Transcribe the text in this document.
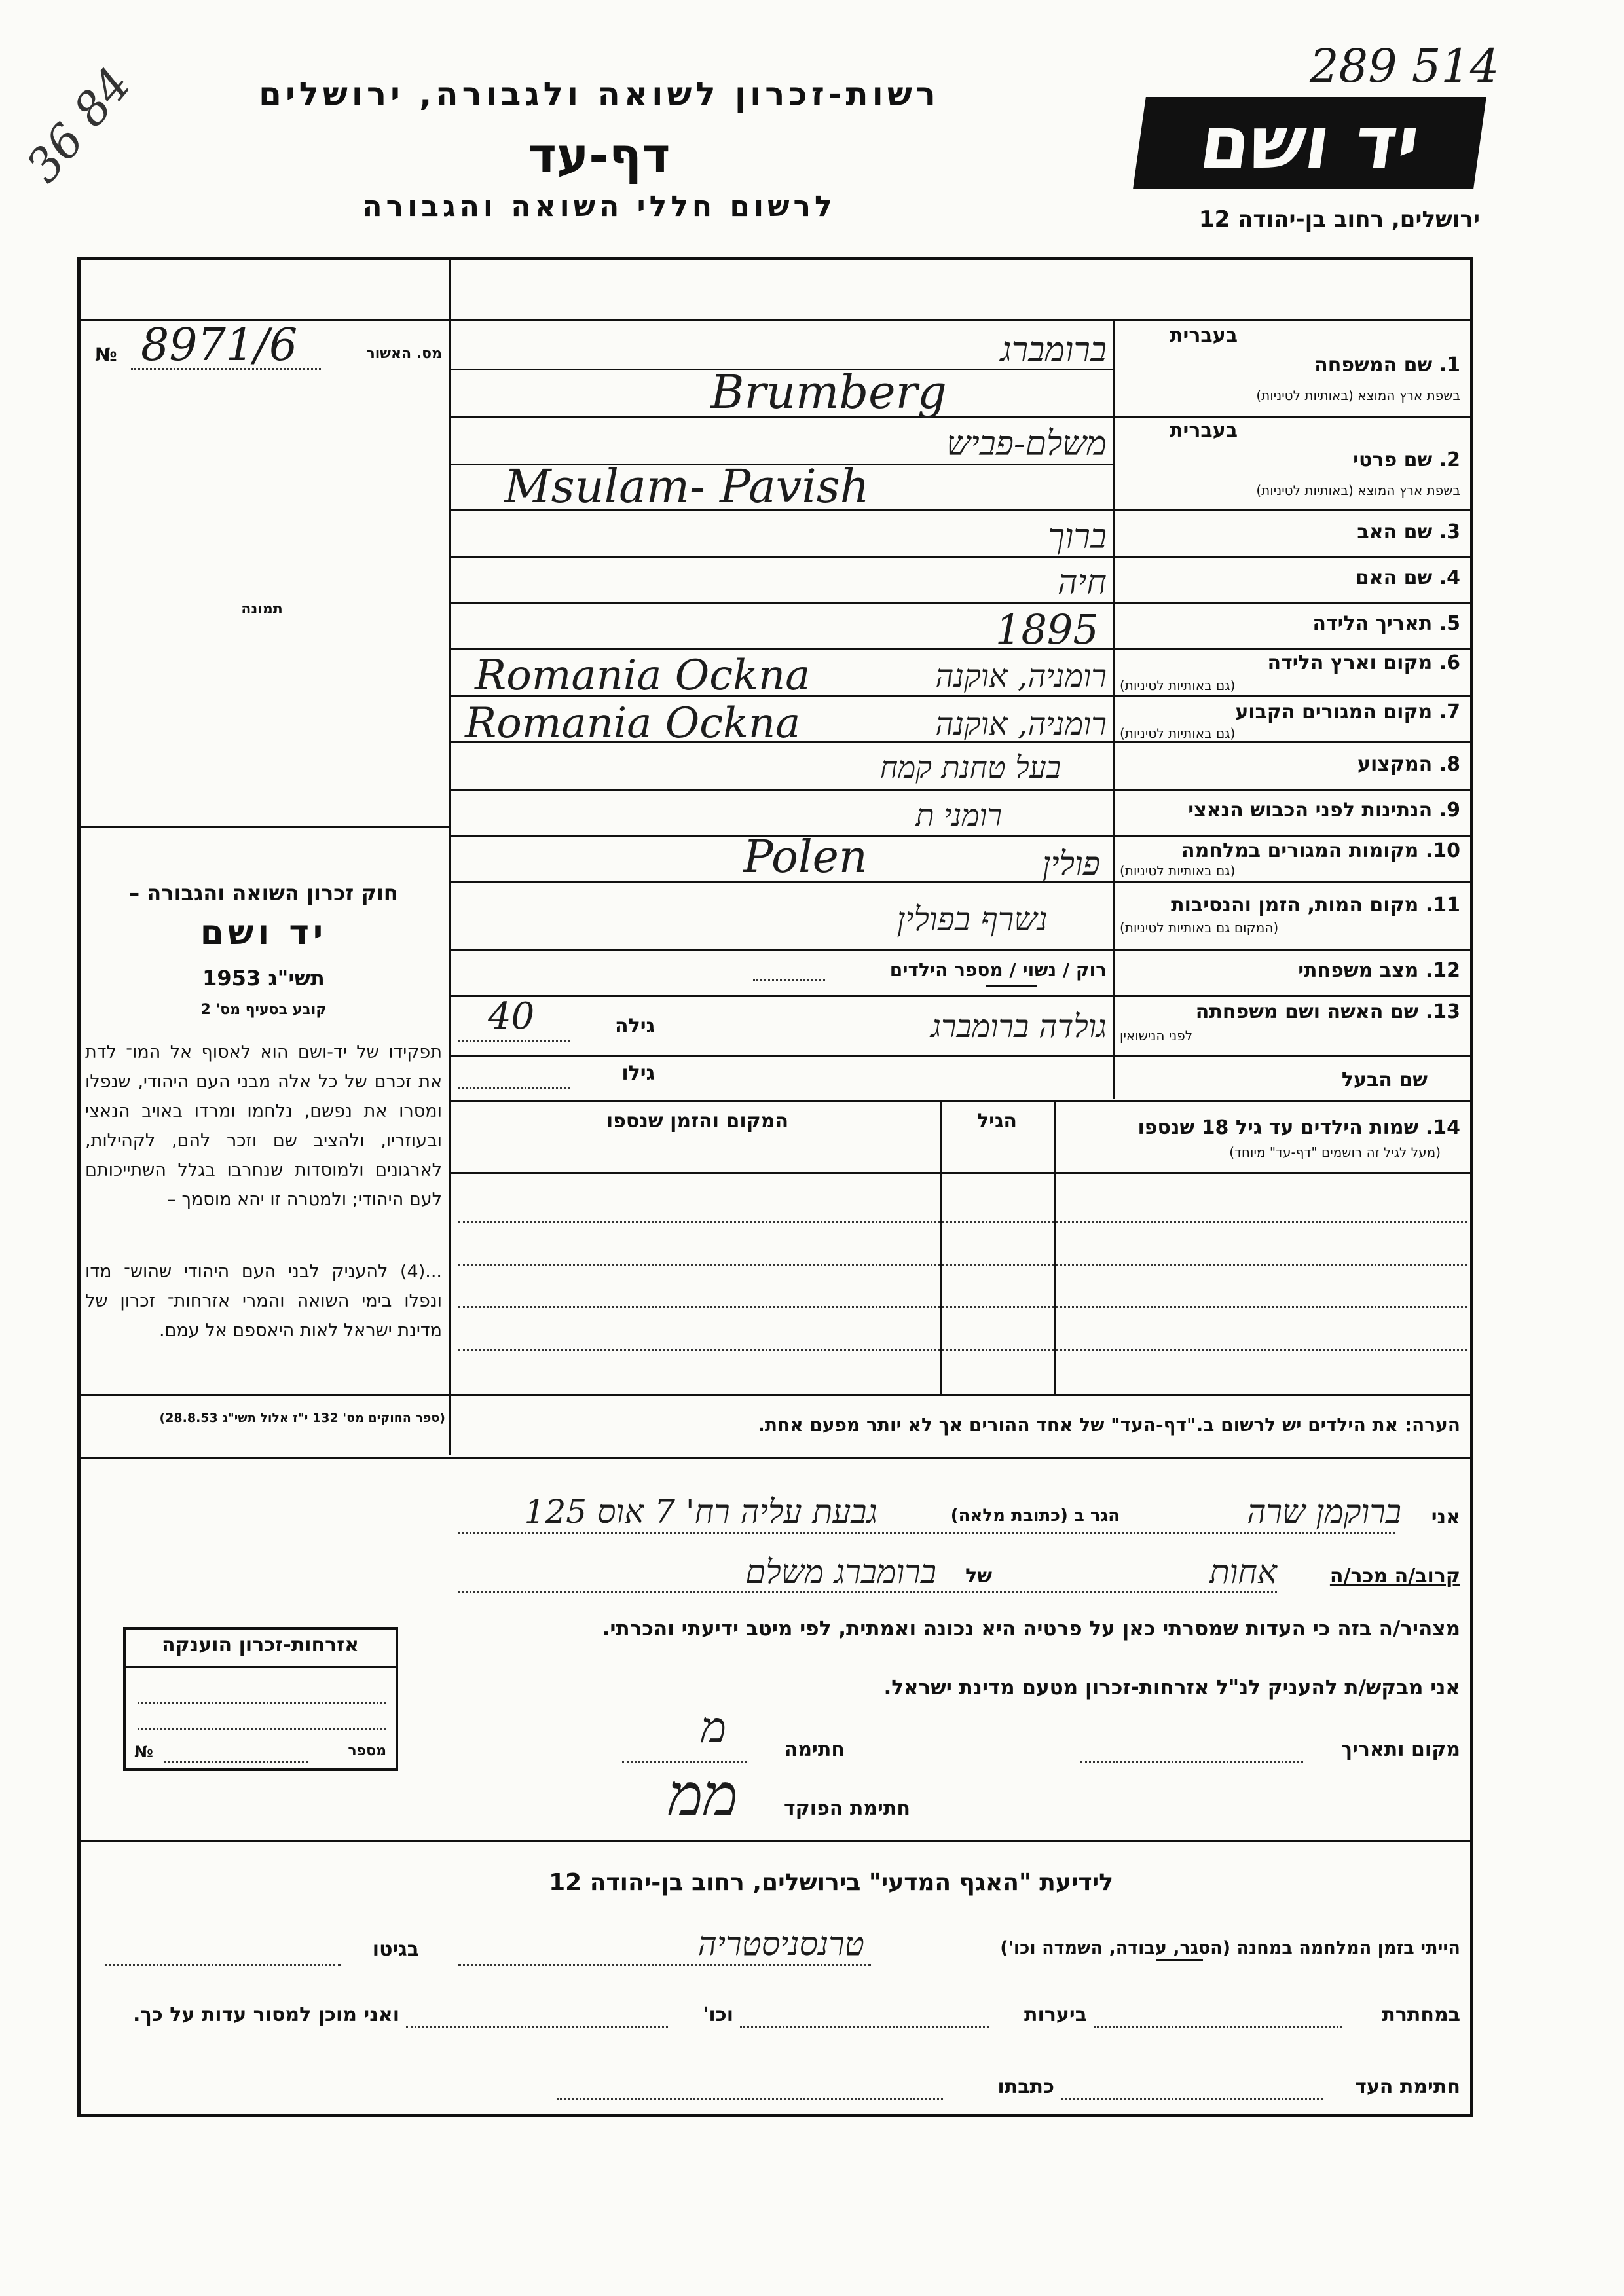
36 84	רשות-זכרון לשואה ולגבורה, ירושלים
דף-עד
לרשום חללי השואה והגבורה
289 514
יד ושם
ירושלים, רחוב בן-יהודה 12
№ 8971/6	מס. האשור
תמונה
חוק זכרון השואה והגבורה –
יד ושם
תשי"ג 1953
קובע בסעיף מס' 2
תפקידו של יד-ושם הוא לאסוף אל המו־ לדת את זכרם של כל אלה מבני העם היהודי, שנפלו ומסרו את נפשם, נלחמו ומרדו באויב הנאצי ובעוזריו, ולהציב שם וזכר להם, לקהילות, לארגונים ולמוסדות שנחרבו בגלל השתייכותם לעם היהודי; ולמטרה זו יהא מוסמך –
...(4) להעניק לבני העם היהודי שהוש־ מדו ונפלו בימי השואה והמרי אזרחות־ זכרון של מדינת ישראל לאות היאספם אל עמם.
(ספר החוקים מס' 132 י"ז אלול תשי"ג 28.8.53)
בעברית
1. שם המשפחה
בשפת ארץ המוצא (באותיות לטיניות)
ברומברג
Brumberg
בעברית
2. שם פרטי
בשפת ארץ המוצא (באותיות לטיניות)
משלם-פביש
Msulam- Pavish
3. שם האב
ברוך
4. שם האם
חיה
5. תאריך הלידה
1895
6. מקום וארץ הלידה
(גם באותיות לטיניות)
רומניה, אוקנה
Romania Ockna
7. מקום המגורים הקבוע
(גם באותיות לטיניות)
רומניה, אוקנה
Romania Ockna
8. המקצוע
בעל טחנת קמח
9. הנתינות לפני הכבוש הנאצי
רומני ת
10. מקומות המגורים במלחמה
(גם באותיות לטיניות)
פולין
Polen
11. מקום המות, הזמן והנסיבות
(המקום גם באותיות לטיניות)
נשרף בפולין
12. מצב משפחתי
רוק / נשוי / מספר הילדים
13. שם האשה ושם משפחתה
לפני הנישואין
גולדה ברומברג
גילה
40
שם הבעל
גילו
14. שמות הילדים עד גיל 18 שנספו
(מעל לגיל זה רושמים "דף-עד" מיוחד)
הגיל
המקום והזמן שנספו
הערה: את הילדים יש לרשום ב."דף-העד" של אחד ההורים אך לא יותר מפעם אחת.
אני
ברוקמן שרה
הגר ב (כתובת מלאה)
גבעת עליה רח' 7 אוס 125
קרוב/ה מכר/ה
אחות
של
ברומברג משלם
מצהיר/ה בזה כי העדות שמסרתי כאן על פרטיה היא נכונה ואמתית, לפי מיטב ידיעתי והכרתי.
אני מבקש/ת להעניק לנ"ל אזרחות-זכרון מטעם מדינת ישראל.
מקום ותאריך
חתימה
מ
חתימת הפוקד
ממ
אזרחות-זכרון הוענקה
№	מספר
לידיעת "האגף המדעי" בירושלים, רחוב בן-יהודה 12
הייתי בזמן המלחמה במחנה (הסגר, עבודה, השמדה וכו')
טרנסניסטריה
בגיטו
במחתרת
ביערות
וכו'
ואני מוכן למסור עדות על כך.
חתימת העד
כתבתו
